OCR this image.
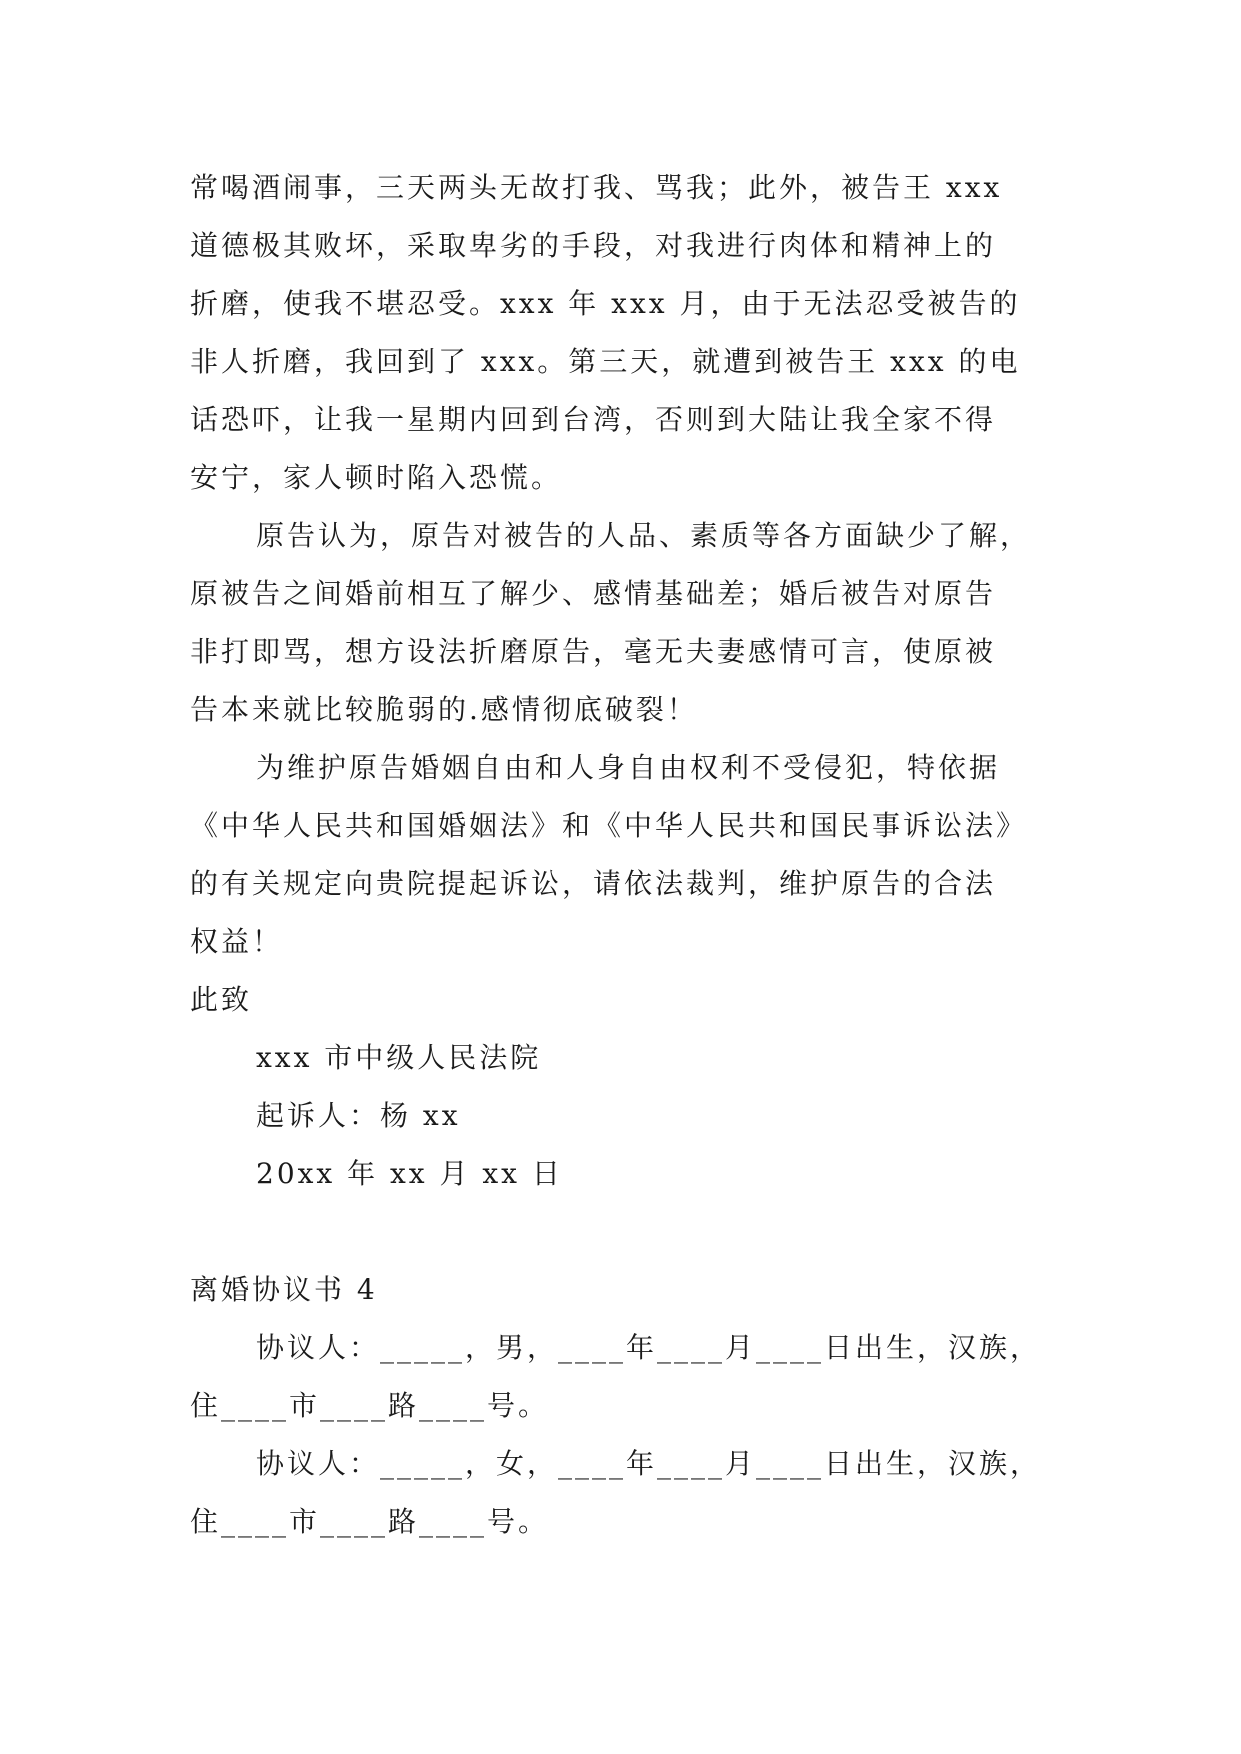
常喝酒闹事，三天两头无故打我、骂我；此外，被告王 xxx
道德极其败坏，采取卑劣的手段，对我进行肉体和精神上的
折磨，使我不堪忍受。xxx 年 xxx 月，由于无法忍受被告的
非人折磨，我回到了 xxx。第三天，就遭到被告王 xxx 的电
话恐吓，让我一星期内回到台湾，否则到大陆让我全家不得
安宁，家人顿时陷入恐慌。
原告认为，原告对被告的人品、素质等各方面缺少了解，
原被告之间婚前相互了解少、感情基础差；婚后被告对原告
非打即骂，想方设法折磨原告，毫无夫妻感情可言，使原被
告本来就比较脆弱的.感情彻底破裂！
为维护原告婚姻自由和人身自由权利不受侵犯，特依据
《中华人民共和国婚姻法》和《中华人民共和国民事诉讼法》
的有关规定向贵院提起诉讼，请依法裁判，维护原告的合法
权益！
此致
xxx 市中级人民法院
起诉人：杨 xx
20xx 年 xx 月 xx 日
离婚协议书 4
协议人：_____，男，____年____月____日出生，汉族，
住____市____路____号。
协议人：_____，女，____年____月____日出生，汉族，
住____市____路____号。
